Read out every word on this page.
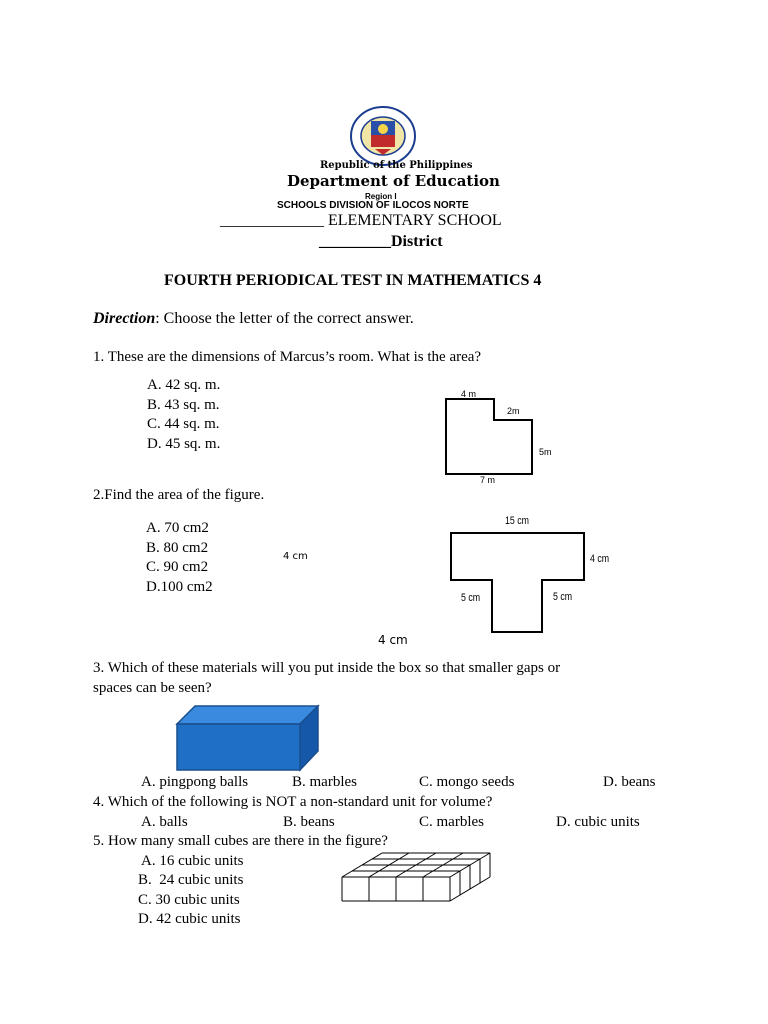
Republic of the Philippines
Department of Education
Region I
SCHOOLS DIVISION OF ILOCOS NORTE
_____________ ELEMENTARY SCHOOL
_________District
FOURTH PERIODICAL TEST IN MATHEMATICS 4
Direction: Choose the letter of the correct answer.
1. These are the dimensions of Marcus’s room. What is the area?
A. 42 sq. m.
B. 43 sq. m.
C. 44 sq. m.
D. 45 sq. m.
4 m
2m
5m
7 m
2.Find the area of the figure.
A. 70 cm2
B. 80 cm2
C. 90 cm2
D.100 cm2
15 cm
4 cm
4 cm
5 cm	5 cm
4 cm
3. Which of these materials will you put inside the box so that smaller gaps or
spaces can be seen?
A. pingpong balls	B. marbles	C. mongo seeds	D. beans
4. Which of the following is NOT a non-standard unit for volume?
A. balls	B. beans	C. marbles	D. cubic units
5. How many small cubes are there in the figure?
A. 16 cubic units
B.  24 cubic units
C. 30 cubic units
D. 42 cubic units
